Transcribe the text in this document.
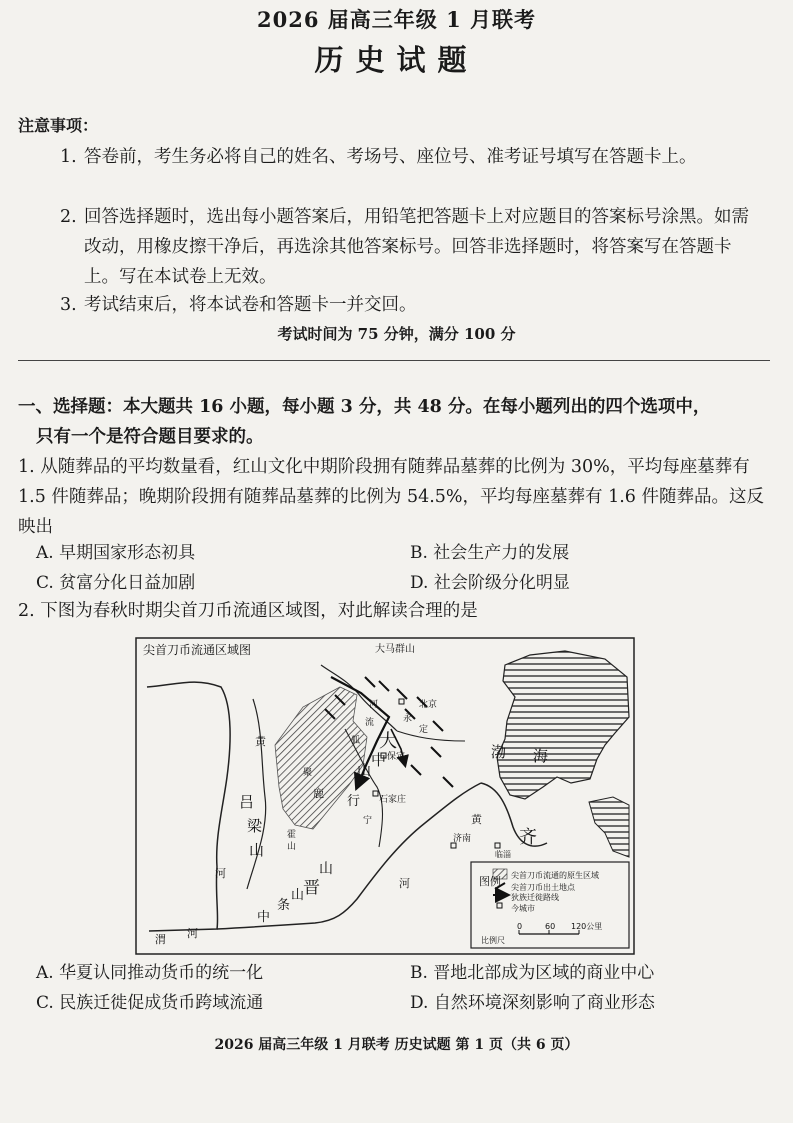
2026 届高三年级 1 月联考
历史试题
注意事项：
1. 答卷前，考生务必将自己的姓名、考场号、座位号、准考证号填写在答题卡上。
2. 回答选择题时，选出每小题答案后，用铅笔把答题卡上对应题目的答案标号涂黑。如需改动，用橡皮擦干净后，再选涂其他答案标号。回答非选择题时，将答案写在答题卡上。写在本试卷上无效。
3. 考试结束后，将本试卷和答题卡一并交回。
考试时间为 75 分钟，满分 100 分
一、选择题：本大题共 16 小题，每小题 3 分，共 48 分。在每小题列出的四个选项中，
只有一个是符合题目要求的。
1. 从随葬品的平均数量看，红山文化中期阶段拥有随葬品墓葬的比例为 30%，平均每座墓葬有 1.5 件随葬品；晚期阶段拥有随葬品墓葬的比例为 54.5%，平均每座墓葬有 1.6 件随葬品。这反映出
A. 早期国家形态初具	B. 社会生产力的发展
C. 贫富分化日益加剧	D. 社会阶级分化明显
2. 下图为春秋时期尖首刀币流通区域图，对此解读合理的是
尖首刀币流通区域图	大马群山
北京
永
定
河
流
狐 大
中
山
保定
石家庄
黄
聚
鹿
行
吕
梁
山
霍
山
山
晋
中
条
山
渭 河
河
宁	黄
河
济南
临淄
渤 海
齐
图例 尖首刀币流通的原生区域
尖首刀币出土地点
狄族迁徙路线
今城市
比例尺
0	60 120公里
A. 华夏认同推动货币的统一化	B. 晋地北部成为区域的商业中心
C. 民族迁徙促成货币跨域流通	D. 自然环境深刻影响了商业形态
2026 届高三年级 1 月联考 历史试题 第 1 页（共 6 页）
